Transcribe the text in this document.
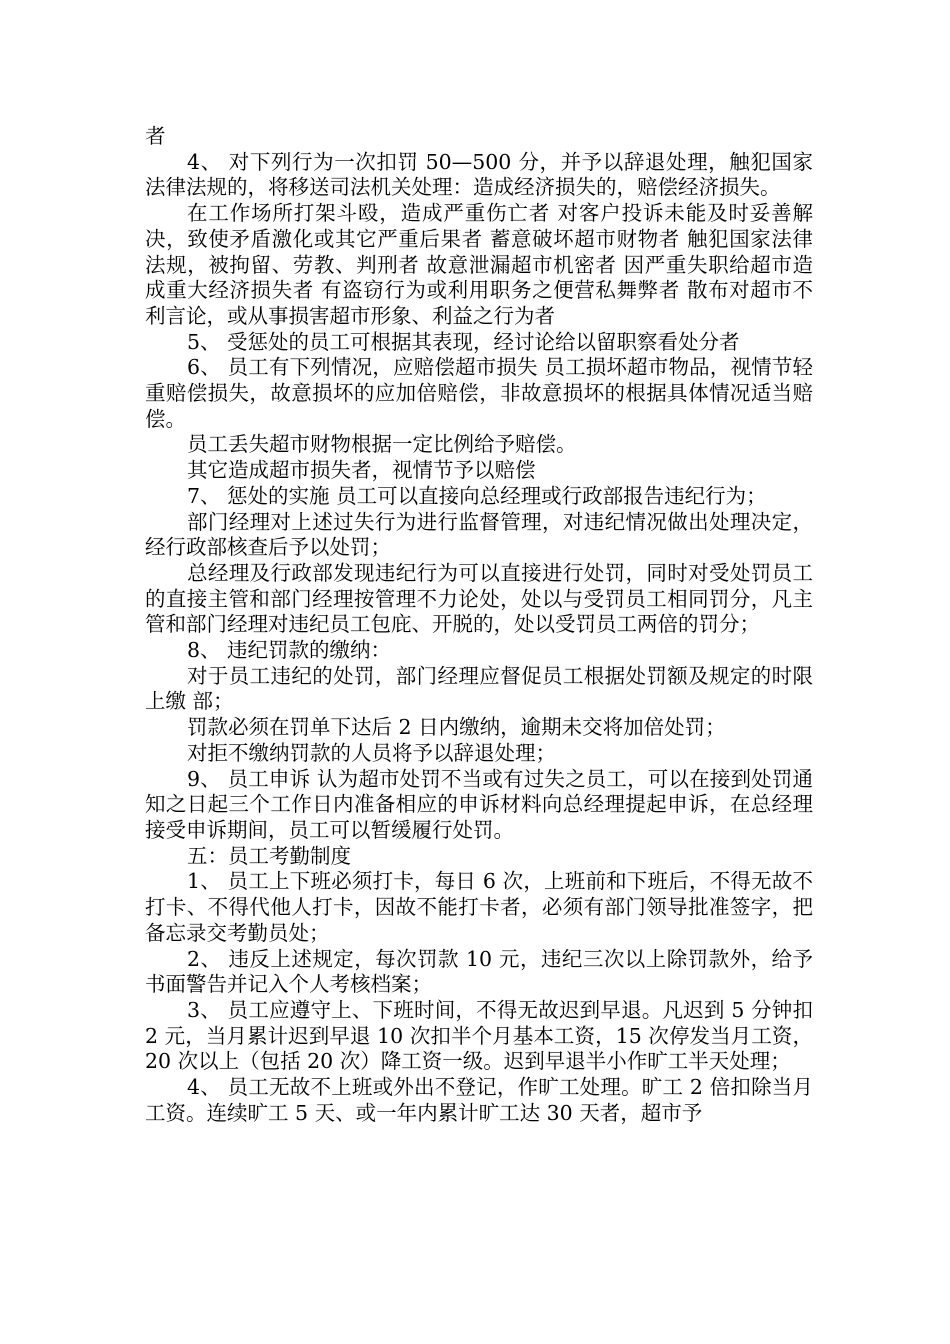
者

4、 对下列行为一次扣罚 50—500 分，并予以辞退处理，触犯国家法律法规的，将移送司法机关处理：造成经济损失的，赔偿经济损失。

在工作场所打架斗殴，造成严重伤亡者 对客户投诉未能及时妥善解决，致使矛盾激化或其它严重后果者 蓄意破坏超市财物者 触犯国家法律法规，被拘留、劳教、判刑者 故意泄漏超市机密者 因严重失职给超市造成重大经济损失者 有盗窃行为或利用职务之便营私舞弊者 散布对超市不利言论，或从事损害超市形象、利益之行为者

5、 受惩处的员工可根据其表现，经讨论给以留职察看处分者

6、 员工有下列情况，应赔偿超市损失 员工损坏超市物品，视情节轻重赔偿损失，故意损坏的应加倍赔偿，非故意损坏的根据具体情况适当赔偿。

员工丢失超市财物根据一定比例给予赔偿。

其它造成超市损失者，视情节予以赔偿

7、 惩处的实施 员工可以直接向总经理或行政部报告违纪行为；

部门经理对上述过失行为进行监督管理，对违纪情况做出处理决定，经行政部核查后予以处罚；

总经理及行政部发现违纪行为可以直接进行处罚，同时对受处罚员工的直接主管和部门经理按管理不力论处，处以与受罚员工相同罚分，凡主管和部门经理对违纪员工包庇、开脱的，处以受罚员工两倍的罚分；

8、 违纪罚款的缴纳：

对于员工违纪的处罚，部门经理应督促员工根据处罚额及规定的时限上缴 部；

罚款必须在罚单下达后 2 日内缴纳，逾期未交将加倍处罚；

对拒不缴纳罚款的人员将予以辞退处理；

9、 员工申诉 认为超市处罚不当或有过失之员工，可以在接到处罚通知之日起三个工作日内准备相应的申诉材料向总经理提起申诉，在总经理接受申诉期间，员工可以暂缓履行处罚。

五：员工考勤制度

1、 员工上下班必须打卡，每日 6 次，上班前和下班后，不得无故不打卡、不得代他人打卡，因故不能打卡者，必须有部门领导批准签字，把备忘录交考勤员处；

2、 违反上述规定，每次罚款 10 元，违纪三次以上除罚款外，给予书面警告并记入个人考核档案；

3、 员工应遵守上、下班时间，不得无故迟到早退。凡迟到 5 分钟扣 2 元，当月累计迟到早退 10 次扣半个月基本工资，15 次停发当月工资，20 次以上（包括 20 次）降工资一级。迟到早退半小作旷工半天处理；

4、 员工无故不上班或外出不登记，作旷工处理。旷工 2 倍扣除当月工资。连续旷工 5 天、或一年内累计旷工达 30 天者，超市予
